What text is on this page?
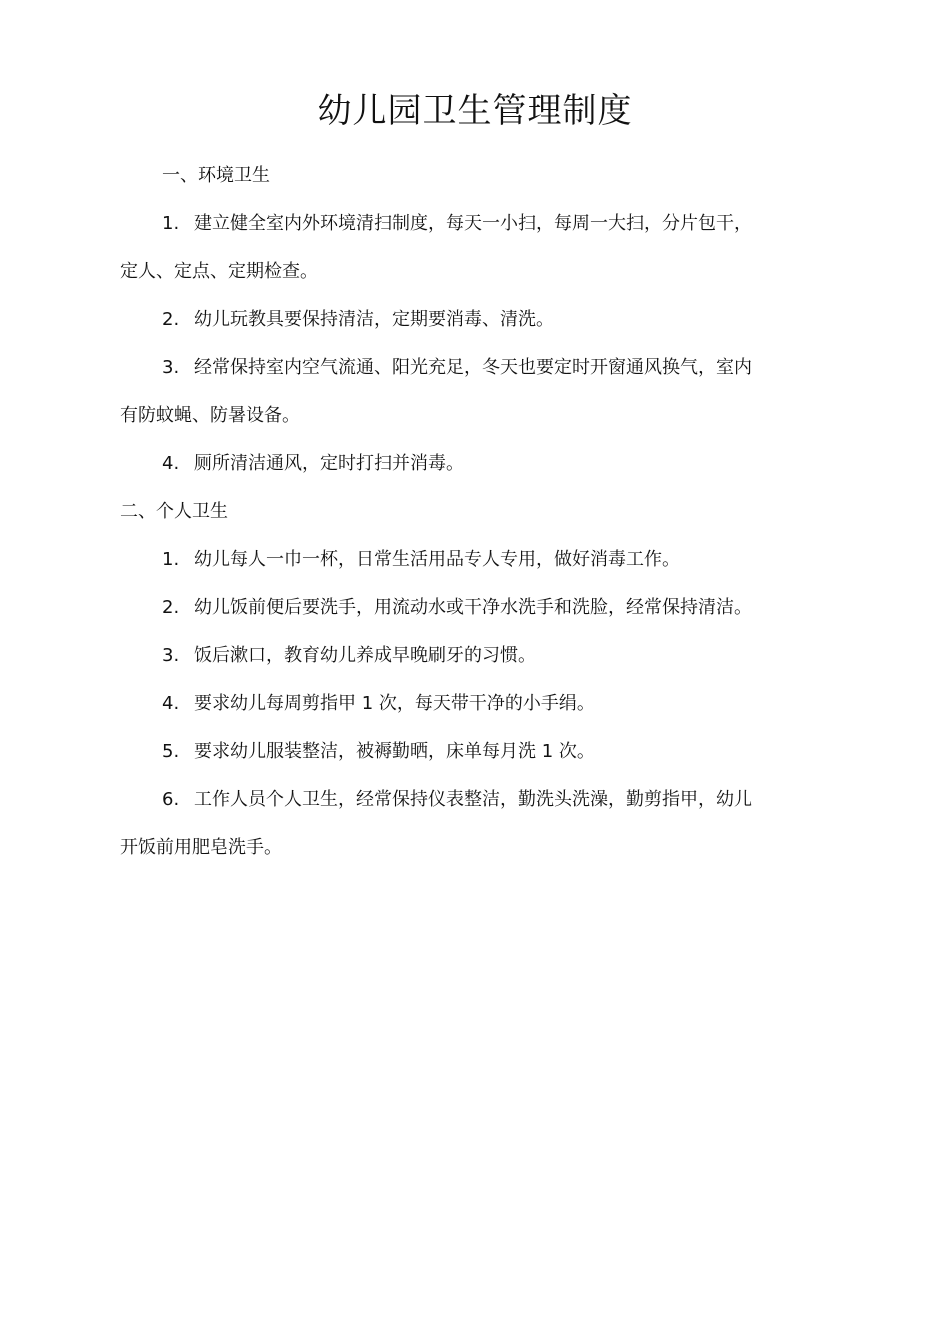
幼儿园卫生管理制度

一、环境卫生

1. 建立健全室内外环境清扫制度，每天一小扫，每周一大扫，分片包干，

定人、定点、定期检查。

2. 幼儿玩教具要保持清洁，定期要消毒、清洗。

3. 经常保持室内空气流通、阳光充足，冬天也要定时开窗通风换气，室内

有防蚊蝇、防暑设备。

4. 厕所清洁通风，定时打扫并消毒。

二、个人卫生

1. 幼儿每人一巾一杯，日常生活用品专人专用，做好消毒工作。

2. 幼儿饭前便后要洗手，用流动水或干净水洗手和洗脸，经常保持清洁。

3. 饭后漱口，教育幼儿养成早晚刷牙的习惯。

4. 要求幼儿每周剪指甲 1 次，每天带干净的小手绢。

5. 要求幼儿服装整洁，被褥勤晒，床单每月洗 1 次。

6. 工作人员个人卫生，经常保持仪表整洁，勤洗头洗澡，勤剪指甲，幼儿

开饭前用肥皂洗手。
